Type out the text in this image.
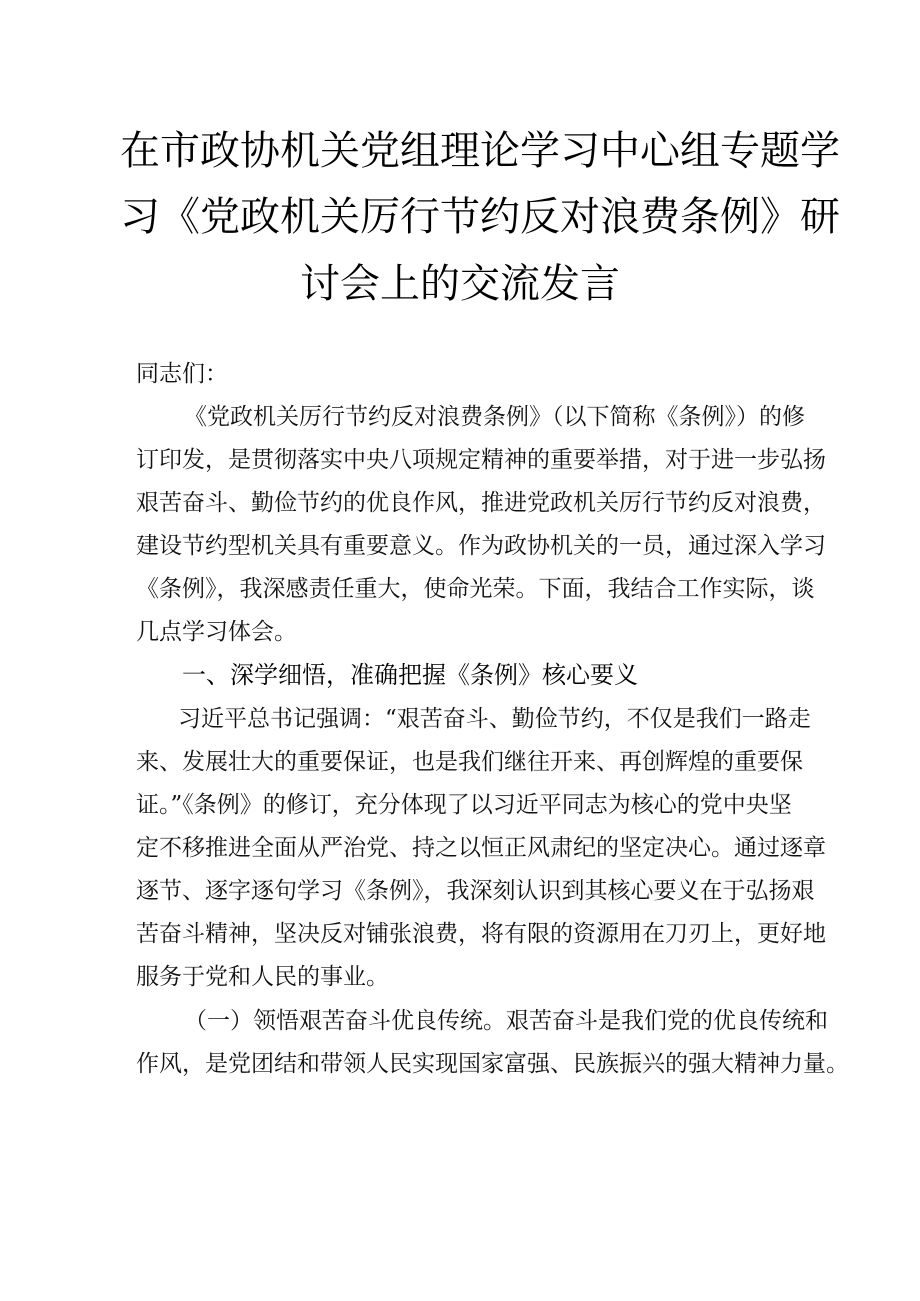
在市政协机关党组理论学习中心组专题学
习《党政机关厉行节约反对浪费条例》研
讨会上的交流发言
同志们：
《党政机关厉行节约反对浪费条例》（以下简称《条例》）的修
订印发，是贯彻落实中央八项规定精神的重要举措，对于进一步弘扬
艰苦奋斗、勤俭节约的优良作风，推进党政机关厉行节约反对浪费，
建设节约型机关具有重要意义。作为政协机关的一员，通过深入学习
《条例》，我深感责任重大，使命光荣。下面，我结合工作实际，谈
几点学习体会。
一、深学细悟，准确把握《条例》核心要义
习近平总书记强调：“艰苦奋斗、勤俭节约，不仅是我们一路走
来、发展壮大的重要保证，也是我们继往开来、再创辉煌的重要保
证。”《条例》的修订，充分体现了以习近平同志为核心的党中央坚
定不移推进全面从严治党、持之以恒正风肃纪的坚定决心。通过逐章
逐节、逐字逐句学习《条例》，我深刻认识到其核心要义在于弘扬艰
苦奋斗精神，坚决反对铺张浪费，将有限的资源用在刀刃上，更好地
服务于党和人民的事业。
（一）领悟艰苦奋斗优良传统。艰苦奋斗是我们党的优良传统和
作风，是党团结和带领人民实现国家富强、民族振兴的强大精神力量。
